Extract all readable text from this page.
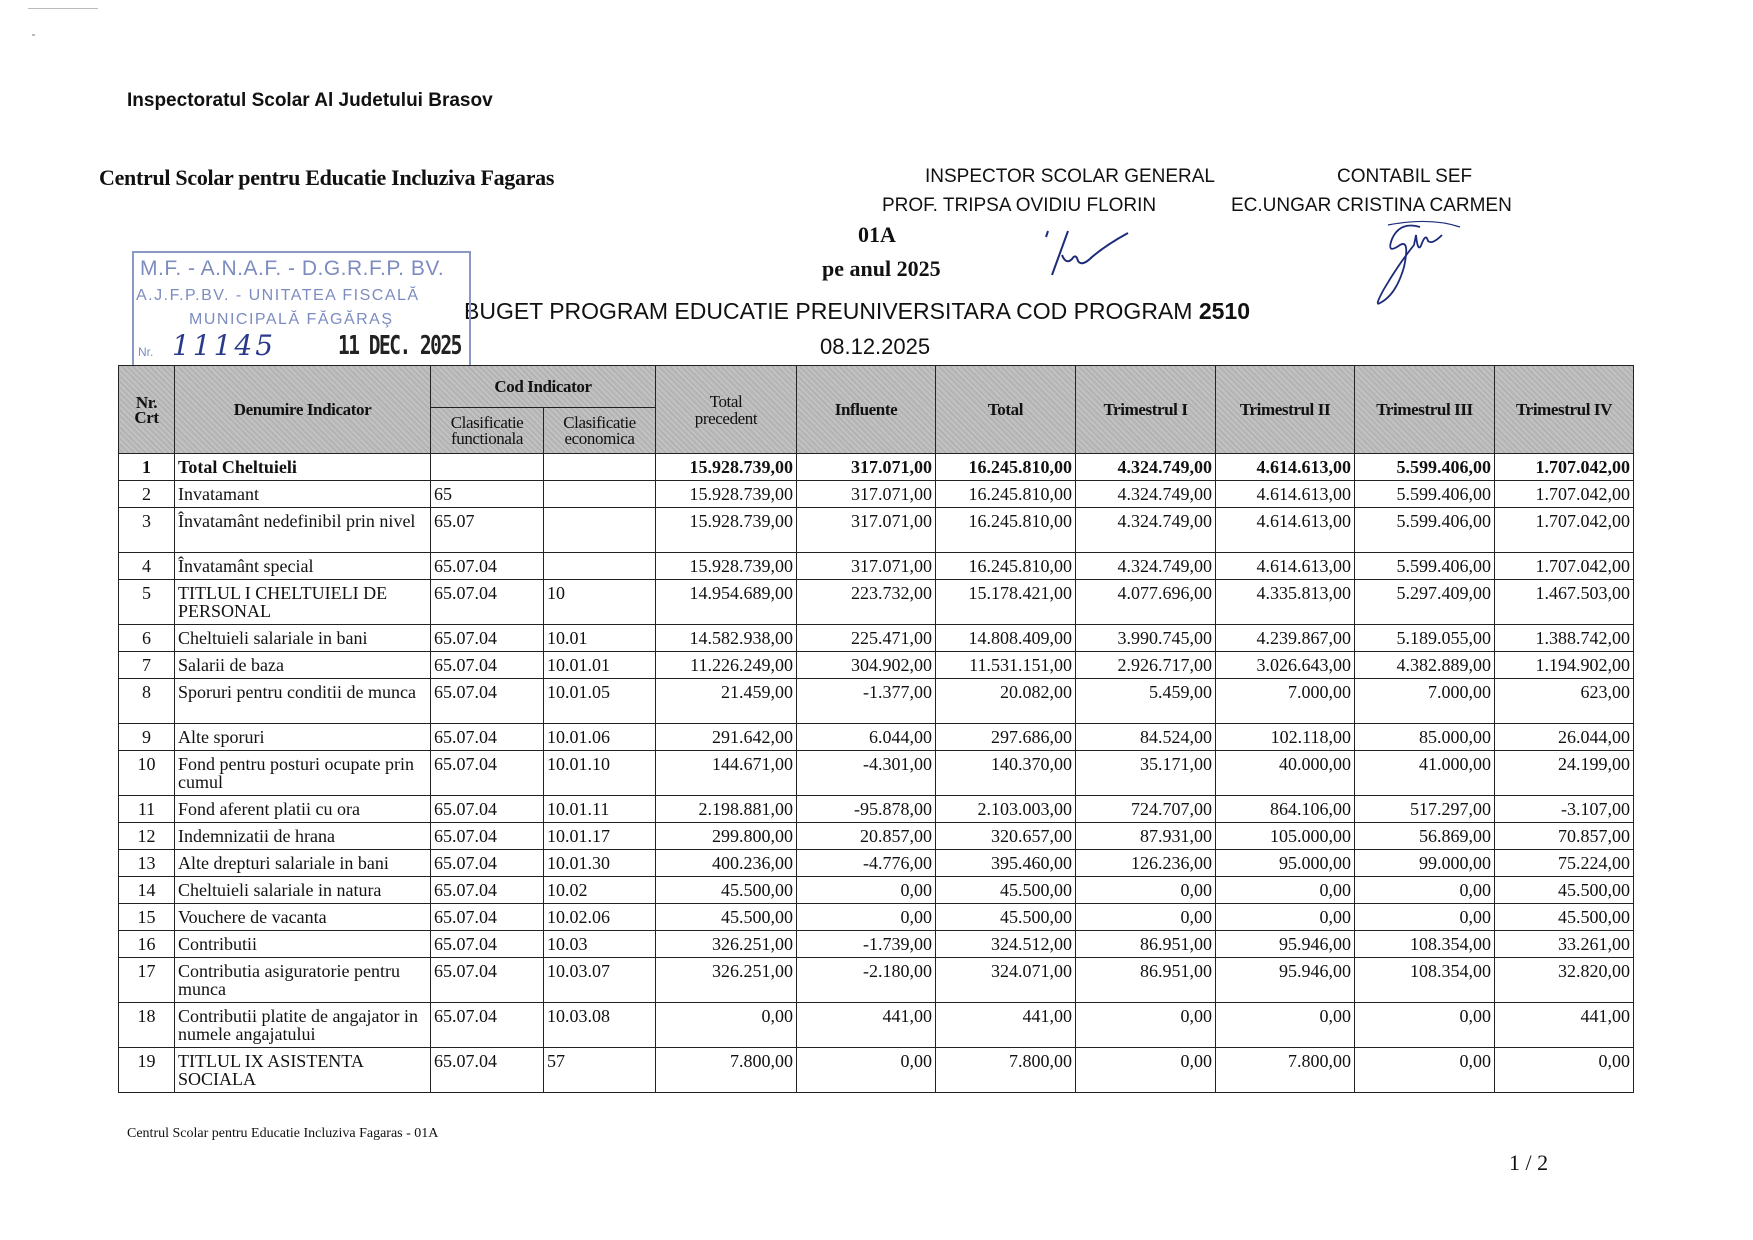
Inspectoratul Scolar Al Judetului Brasov
Centrul Scolar pentru Educatie Incluziva Fagaras	INSPECTOR SCOLAR GENERAL
PROF. TRIPSA OVIDIU FLORIN
CONTABIL SEF
EC.UNGAR CRISTINA CARMEN
01A
pe anul 2025
BUGET PROGRAM EDUCATIE PREUNIVERSITARA COD PROGRAM 2510
08.12.2025
M.F. - A.N.A.F. - D.G.R.F.P. BV.
A.J.F.P.BV. - UNITATEA FISCALĂ
MUNICIPALĂ FĂGĂRAŞ
Nr. 11145 11 DEC. 2025
Nr. Crt	Denumire Indicator	Cod Indicator		Total precedent	Influente	Total	Trimestrul I	Trimestrul II	Trimestrul III	Trimestrul IV
		Clasificatie functionala	Clasificatie economica							
1	Total Cheltuieli			15.928.739,00	317.071,00	16.245.810,00	4.324.749,00	4.614.613,00	5.599.406,00	1.707.042,00
2	Invatamant	65		15.928.739,00	317.071,00	16.245.810,00	4.324.749,00	4.614.613,00	5.599.406,00	1.707.042,00
3	Învatamânt nedefinibil prin nivel	65.07		15.928.739,00	317.071,00	16.245.810,00	4.324.749,00	4.614.613,00	5.599.406,00	1.707.042,00
4	Învatamânt special	65.07.04		15.928.739,00	317.071,00	16.245.810,00	4.324.749,00	4.614.613,00	5.599.406,00	1.707.042,00
5	TITLUL I CHELTUIELI DE PERSONAL	65.07.04	10	14.954.689,00	223.732,00	15.178.421,00	4.077.696,00	4.335.813,00	5.297.409,00	1.467.503,00
6	Cheltuieli salariale in bani	65.07.04	10.01	14.582.938,00	225.471,00	14.808.409,00	3.990.745,00	4.239.867,00	5.189.055,00	1.388.742,00
7	Salarii de baza	65.07.04	10.01.01	11.226.249,00	304.902,00	11.531.151,00	2.926.717,00	3.026.643,00	4.382.889,00	1.194.902,00
8	Sporuri pentru conditii de munca	65.07.04	10.01.05	21.459,00	-1.377,00	20.082,00	5.459,00	7.000,00	7.000,00	623,00
9	Alte sporuri	65.07.04	10.01.06	291.642,00	6.044,00	297.686,00	84.524,00	102.118,00	85.000,00	26.044,00
10	Fond pentru posturi ocupate prin cumul	65.07.04	10.01.10	144.671,00	-4.301,00	140.370,00	35.171,00	40.000,00	41.000,00	24.199,00
11	Fond aferent platii cu ora	65.07.04	10.01.11	2.198.881,00	-95.878,00	2.103.003,00	724.707,00	864.106,00	517.297,00	-3.107,00
12	Indemnizatii de hrana	65.07.04	10.01.17	299.800,00	20.857,00	320.657,00	87.931,00	105.000,00	56.869,00	70.857,00
13	Alte drepturi salariale in bani	65.07.04	10.01.30	400.236,00	-4.776,00	395.460,00	126.236,00	95.000,00	99.000,00	75.224,00
14	Cheltuieli salariale in natura	65.07.04	10.02	45.500,00	0,00	45.500,00	0,00	0,00	0,00	45.500,00
15	Vouchere de vacanta	65.07.04	10.02.06	45.500,00	0,00	45.500,00	0,00	0,00	0,00	45.500,00
16	Contributii	65.07.04	10.03	326.251,00	-1.739,00	324.512,00	86.951,00	95.946,00	108.354,00	33.261,00
17	Contributia asiguratorie pentru munca	65.07.04	10.03.07	326.251,00	-2.180,00	324.071,00	86.951,00	95.946,00	108.354,00	32.820,00
18	Contributii platite de angajator in numele angajatului	65.07.04	10.03.08	0,00	441,00	441,00	0,00	0,00	0,00	441,00
19	TITLUL IX ASISTENTA SOCIALA	65.07.04	57	7.800,00	0,00	7.800,00	0,00	7.800,00	0,00	0,00
Centrul Scolar pentru Educatie Incluziva Fagaras - 01A
1 / 2
